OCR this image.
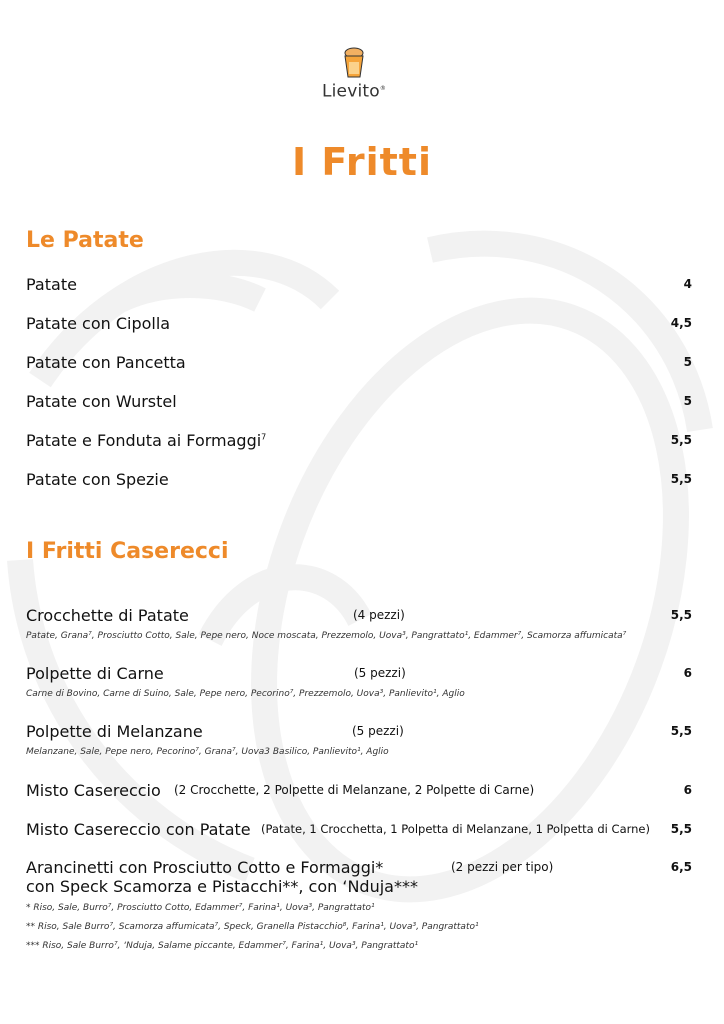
Lievito®
I Fritti
Le Patate
Patate	4
Patate con Cipolla	4,5
Patate con Pancetta	5
Patate con Wurstel	5
Patate e Fonduta ai Formaggi$^7$	5,5
Patate con Spezie	5,5
I Fritti Caserecci
Crocchette di Patate	(4 pezzi)	5,5
Patate, Grana⁷, Prosciutto Cotto, Sale, Pepe nero, Noce moscata, Prezzemolo, Uova³, Pangrattato¹, Edammer⁷, Scamorza affumicata⁷
Polpette di Carne	(5 pezzi)	6
Carne di Bovino, Carne di Suino, Sale, Pepe nero, Pecorino⁷, Prezzemolo, Uova³, Panlievito¹, Aglio
Polpette di Melanzane	(5 pezzi)	5,5
Melanzane, Sale, Pepe nero, Pecorino⁷, Grana⁷, Uova3 Basilico, Panlievito¹, Aglio
Misto Casereccio (2 Crocchette, 2 Polpette di Melanzane, 2 Polpette di Carne)	6
Misto Casereccio con Patate (Patate, 1 Crocchetta, 1 Polpetta di Melanzane, 1 Polpetta di Carne) 5,5
Arancinetti con Prosciutto Cotto e Formaggi*	(2 pezzi per tipo)	6,5
con Speck Scamorza e Pistacchi**, con ‘Nduja***
* Riso, Sale, Burro⁷, Prosciutto Cotto, Edammer⁷, Farina¹, Uova³, Pangrattato¹
** Riso, Sale Burro⁷, Scamorza affumicata⁷, Speck, Granella Pistacchio⁸, Farina¹, Uova³, Pangrattato¹
*** Riso, Sale Burro⁷, ‘Nduja, Salame piccante, Edammer⁷, Farina¹, Uova³, Pangrattato¹
